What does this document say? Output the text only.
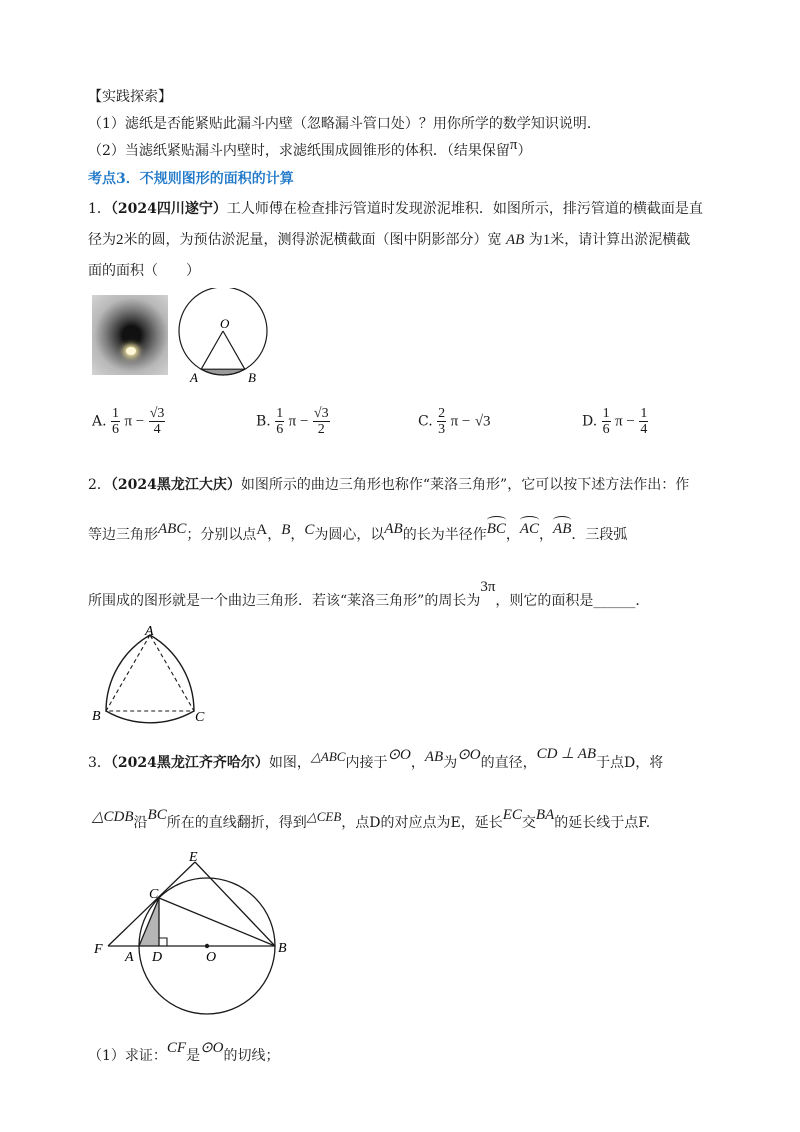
【实践探索】
（1）滤纸是否能紧贴此漏斗内壁（忽略漏斗管口处）？用你所学的数学知识说明．
（2）当滤纸紧贴漏斗内壁时，求滤纸围成圆锥形的体积．（结果保留π）
考点3．不规则图形的面积的计算
1．（2024四川遂宁）工人师傅在检查排污管道时发现淤泥堆积．如图所示，排污管道的横截面是直
径为2米的圆，为预估淤泥量，测得淤泥横截面（图中阴影部分）宽 AB 为1米，请计算出淤泥横截
面的面积（　　）
O
A	B
A. $\frac{1}{6}$ $\pi - \frac{√3}{4}$	B. $\frac{1}{6}$ $\pi - \frac{√3}{2}$	C. $\frac{2}{3}$ π − √3	D. $\frac{1}{6}$ $\pi - \frac{1}{4}$
2．（2024黑龙江大庆）如图所示的曲边三角形也称作“莱洛三角形”，它可以按下述方法作出：作
等边三角形ABC；分别以点A，B，C为圆心，以AB的长为半径作BC，AC，AB．三段弧
所围成的图形就是一个曲边三角形．若该“莱洛三角形”的周长为3π，则它的面积是______．
A
B	C
3．（2024黑龙江齐齐哈尔）如图，△ABC内接于⊙O，AB为⊙O的直径，CD ⊥ AB于点D，将
△CDB沿BC所在的直线翻折，得到△CEB，点D的对应点为E，延长EC交BA的延长线于点F.
E
C
F
A D	O
B
（1）求证：CF是⊙O的切线；
